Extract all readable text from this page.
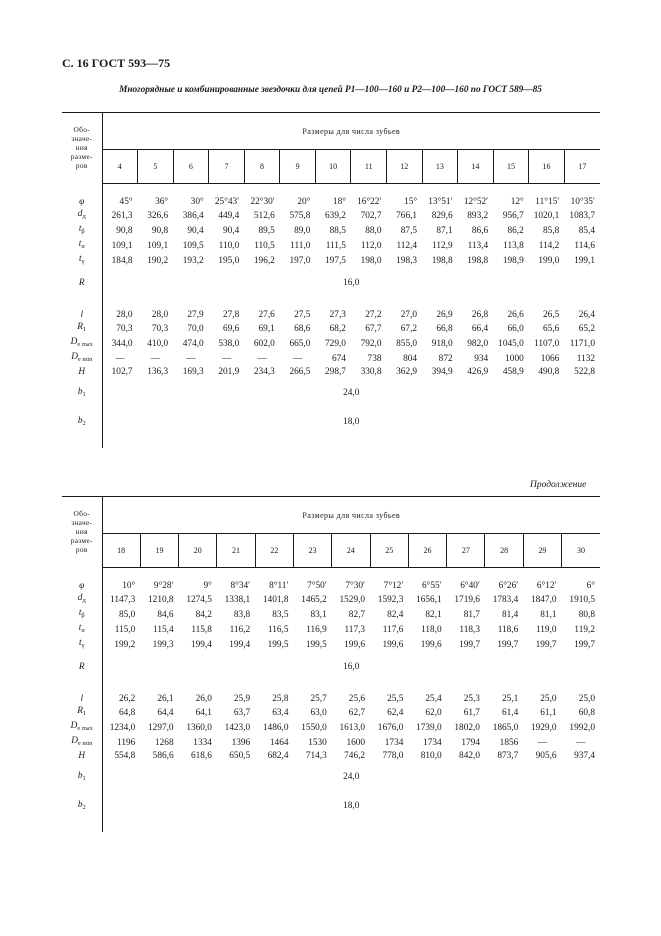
С. 16 ГОСТ 593—75
Многорядные и комбинированные звездочки для цепей Р1—100—160 и Р2—100—160 по ГОСТ 589—85
Обо-
значе-
ния
разме-
ров	Размеры для числа зубьев													
	4	5	6	7	8	9	10	11	12	13	14	15	16	17

φ	45°	36°	30°	25°43′	22°30′	20°	18°	16°22′	15°	13°51′	12°52′	12°	11°15′	10°35′
$d_д$	261,3	326,6	386,4	449,4	512,6	575,8	639,2	702,7	766,1	829,6	893,2	956,7	1020,1	1083,7
$t_\beta$	90,8	90,8	90,4	90,4	89,5	89,0	88,5	88,0	87,5	87,1	86,6	86,2	85,8	85,4
$t_\alpha$	109,1	109,1	109,5	110,0	110,5	111,0	111,5	112,0	112,4	112,9	113,4	113,8	114,2	114,6
$t_\gamma$	184,8	190,2	193,2	195,0	196,2	197,0	197,5	198,0	198,3	198,8	198,8	198,9	199,0	199,1
R	16,0													

l	28,0	28,0	27,9	27,8	27,6	27,5	27,3	27,2	27,0	26,9	26,8	26,6	26,5	26,4
$R_1$	70,3	70,3	70,0	69,6	69,1	68,6	68,2	67,7	67,2	66,8	66,4	66,0	65,6	65,2
$D_{e max}$	344,0	410,0	474,0	538,0	602,0	665,0	729,0	792,0	855,0	918,0	982,0	1045,0	1107,0	1171,0
$D_{e min}$	—	—	—	—	—	—	674	738	804	872	934	1000	1066	1132
H	102,7	136,3	169,3	201,9	234,3	266,5	298,7	330,8	362,9	394,9	426,9	458,9	490,8	522,8
$b_1$	24,0													
$b_2$	18,0													

Продолжение
Обо-
значе-
ния
разме-
ров	Размеры для числа зубьев												
	18	19	20	21	22	23	24	25	26	27	28	29	30

φ	10°	9°28′	9°	8°34′	8°11′	7°50′	7°30′	7°12′	6°55′	6°40′	6°26′	6°12′	6°
$d_д$	1147,3	1210,8	1274,5	1338,1	1401,8	1465,2	1529,0	1592,3	1656,1	1719,6	1783,4	1847,0	1910,5
$t_\beta$	85,0	84,6	84,2	83,8	83,5	83,1	82,7	82,4	82,1	81,7	81,4	81,1	80,8
$t_\alpha$	115,0	115,4	115,8	116,2	116,5	116,9	117,3	117,6	118,0	118,3	118,6	119,0	119,2
$t_\gamma$	199,2	199,3	199,4	199,4	199,5	199,5	199,6	199,6	199,6	199,7	199,7	199,7	199,7
R	16,0												

l	26,2	26,1	26,0	25,9	25,8	25,7	25,6	25,5	25,4	25,3	25,1	25,0	25,0
$R_1$	64,8	64,4	64,1	63,7	63,4	63,0	62,7	62,4	62,0	61,7	61,4	61,1	60,8
$D_{e max}$	1234,0	1297,0	1360,0	1423,0	1486,0	1550,0	1613,0	1676,0	1739,0	1802,0	1865,0	1929,0	1992,0
$D_{e min}$	1196	1268	1334	1396	1464	1530	1600	1734	1734	1794	1856	—	—
H	554,8	586,6	618,6	650,5	682,4	714,3	746,2	778,0	810,0	842,0	873,7	905,6	937,4
$b_1$	24,0												
$b_2$	18,0												
